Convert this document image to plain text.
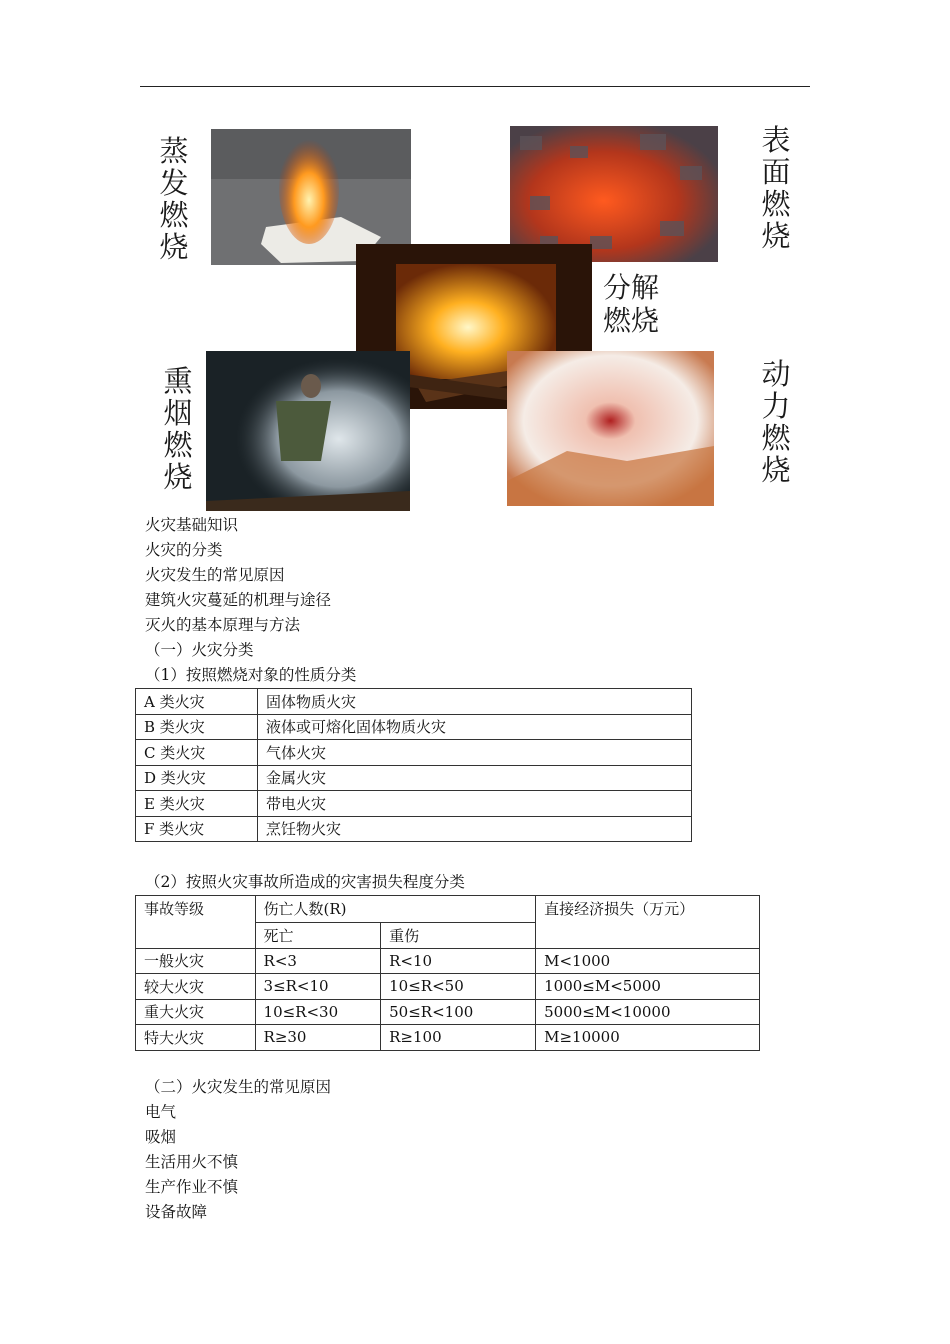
蒸发燃烧
表面燃烧
分解燃烧
熏烟燃烧
动力燃烧
火灾基础知识
火灾的分类
火灾发生的常见原因
建筑火灾蔓延的机理与途径
灭火的基本原理与方法
（一）火灾分类
（1）按照燃烧对象的性质分类
A 类火灾	固体物质火灾
B 类火灾	液体或可熔化固体物质火灾
C 类火灾	气体火灾
D 类火灾	金属火灾
E 类火灾	带电火灾
F 类火灾	烹饪物火灾
（2）按照火灾事故所造成的灾害损失程度分类
事故等级	伤亡人数(R)		直接经济损失（万元）
	死亡	重伤	
一般火灾	R<3	R<10	M<1000
较大火灾	3≤R<10	10≤R<50	1000≤M<5000
重大火灾	10≤R<30	50≤R<100	5000≤M<10000
特大火灾	R≥30	R≥100	M≥10000
（二）火灾发生的常见原因
电气
吸烟
生活用火不慎
生产作业不慎
设备故障
